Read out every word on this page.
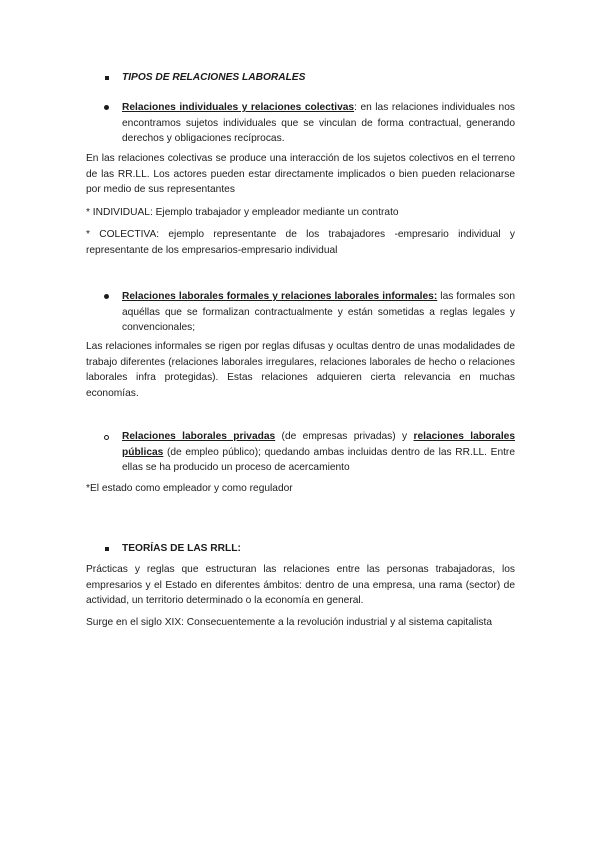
TIPOS DE RELACIONES LABORALES

Relaciones individuales y relaciones colectivas: en las relaciones individuales nos encontramos sujetos individuales que se vinculan de forma contractual, generando derechos y obligaciones recíprocas.

En las relaciones colectivas se produce una interacción de los sujetos colectivos en el terreno de las RR.LL. Los actores pueden estar directamente implicados o bien pueden relacionarse por medio de sus representantes

* INDIVIDUAL: Ejemplo trabajador y empleador mediante un contrato

* COLECTIVA: ejemplo representante de los trabajadores -empresario individual y representante de los empresarios-empresario individual

Relaciones laborales formales y relaciones laborales informales: las formales son aquéllas que se formalizan contractualmente y están sometidas a reglas legales y convencionales;

Las relaciones informales se rigen por reglas difusas y ocultas dentro de unas modalidades de trabajo diferentes (relaciones laborales irregulares, relaciones laborales de hecho o relaciones laborales infra protegidas). Estas relaciones adquieren cierta relevancia en muchas economías.

Relaciones laborales privadas (de empresas privadas) y relaciones laborales públicas (de empleo público); quedando ambas incluidas dentro de las RR.LL. Entre ellas se ha producido un proceso de acercamiento

*El estado como empleador y como regulador

TEORÍAS DE LAS RRLL:

Prácticas y reglas que estructuran las relaciones entre las personas trabajadoras, los empresarios y el Estado en diferentes ámbitos: dentro de una empresa, una rama (sector) de actividad, un territorio determinado o la economía en general.

Surge en el siglo XIX: Consecuentemente a la revolución industrial y al sistema capitalista
